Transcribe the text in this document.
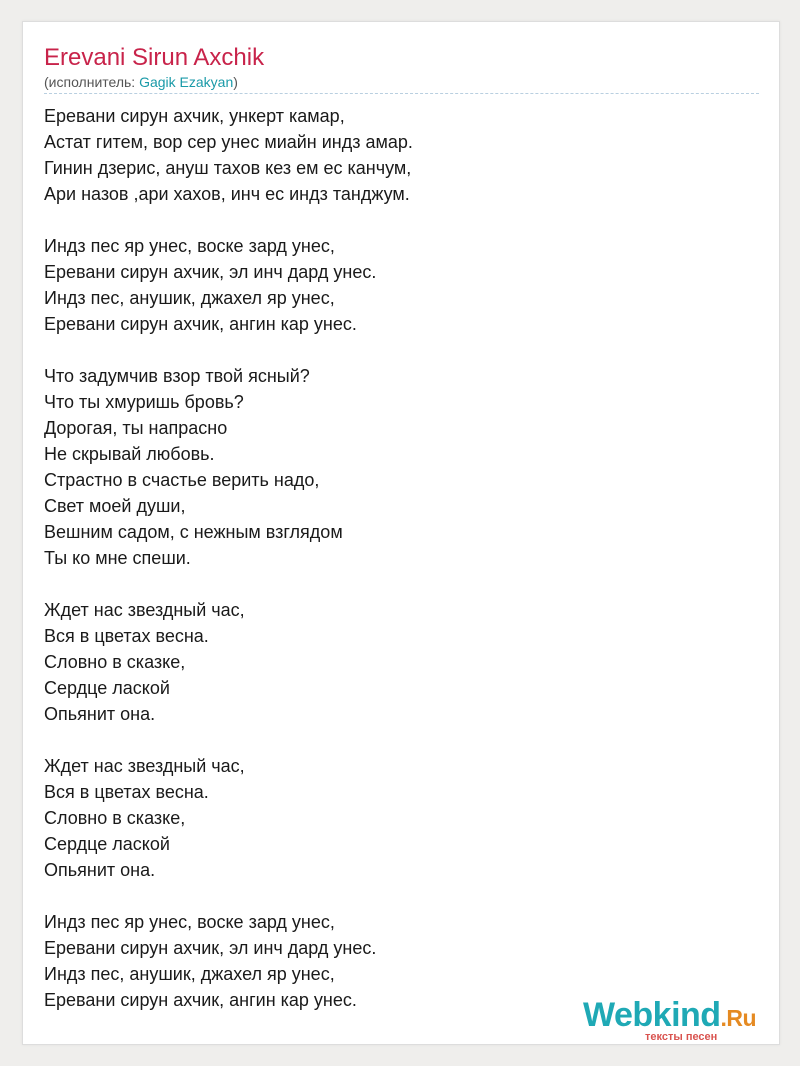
Erevani Sirun Axchik
(исполнитель: Gagik Ezakyan)
Еревани сирун ахчик, ункерт камар,
Астат гитем, вор сер унес миайн индз амар.
Гинин дзерис, ануш тахов кез ем ес канчум,
Ари назов ,ари хахов, инч ес индз танджум.
Индз пес яр унес, воске зард унес,
Еревани сирун ахчик, эл инч дард унес.
Индз пес, анушик, джахел яр унес,
Еревани сирун ахчик, ангин кар унес.
Что задумчив взор твой ясный?
Что ты хмуришь бровь?
Дорогая, ты напрасно
Не скрывай любовь.
Страстно в счастье верить надо,
Свет моей души,
Вешним садом, с нежным взглядом
Ты ко мне спеши.
Ждет нас звездный час,
Вся в цветах весна.
Словно в сказке,
Сердце лаской
Опьянит она.
Ждет нас звездный час,
Вся в цветах весна.
Словно в сказке,
Сердце лаской
Опьянит она.
Индз пес яр унес, воске зард унес,
Еревани сирун ахчик, эл инч дард унес.
Индз пес, анушик, джахел яр унес,
Еревани сирун ахчик, ангин кар унес.	Webkind.Ru
тексты песен
